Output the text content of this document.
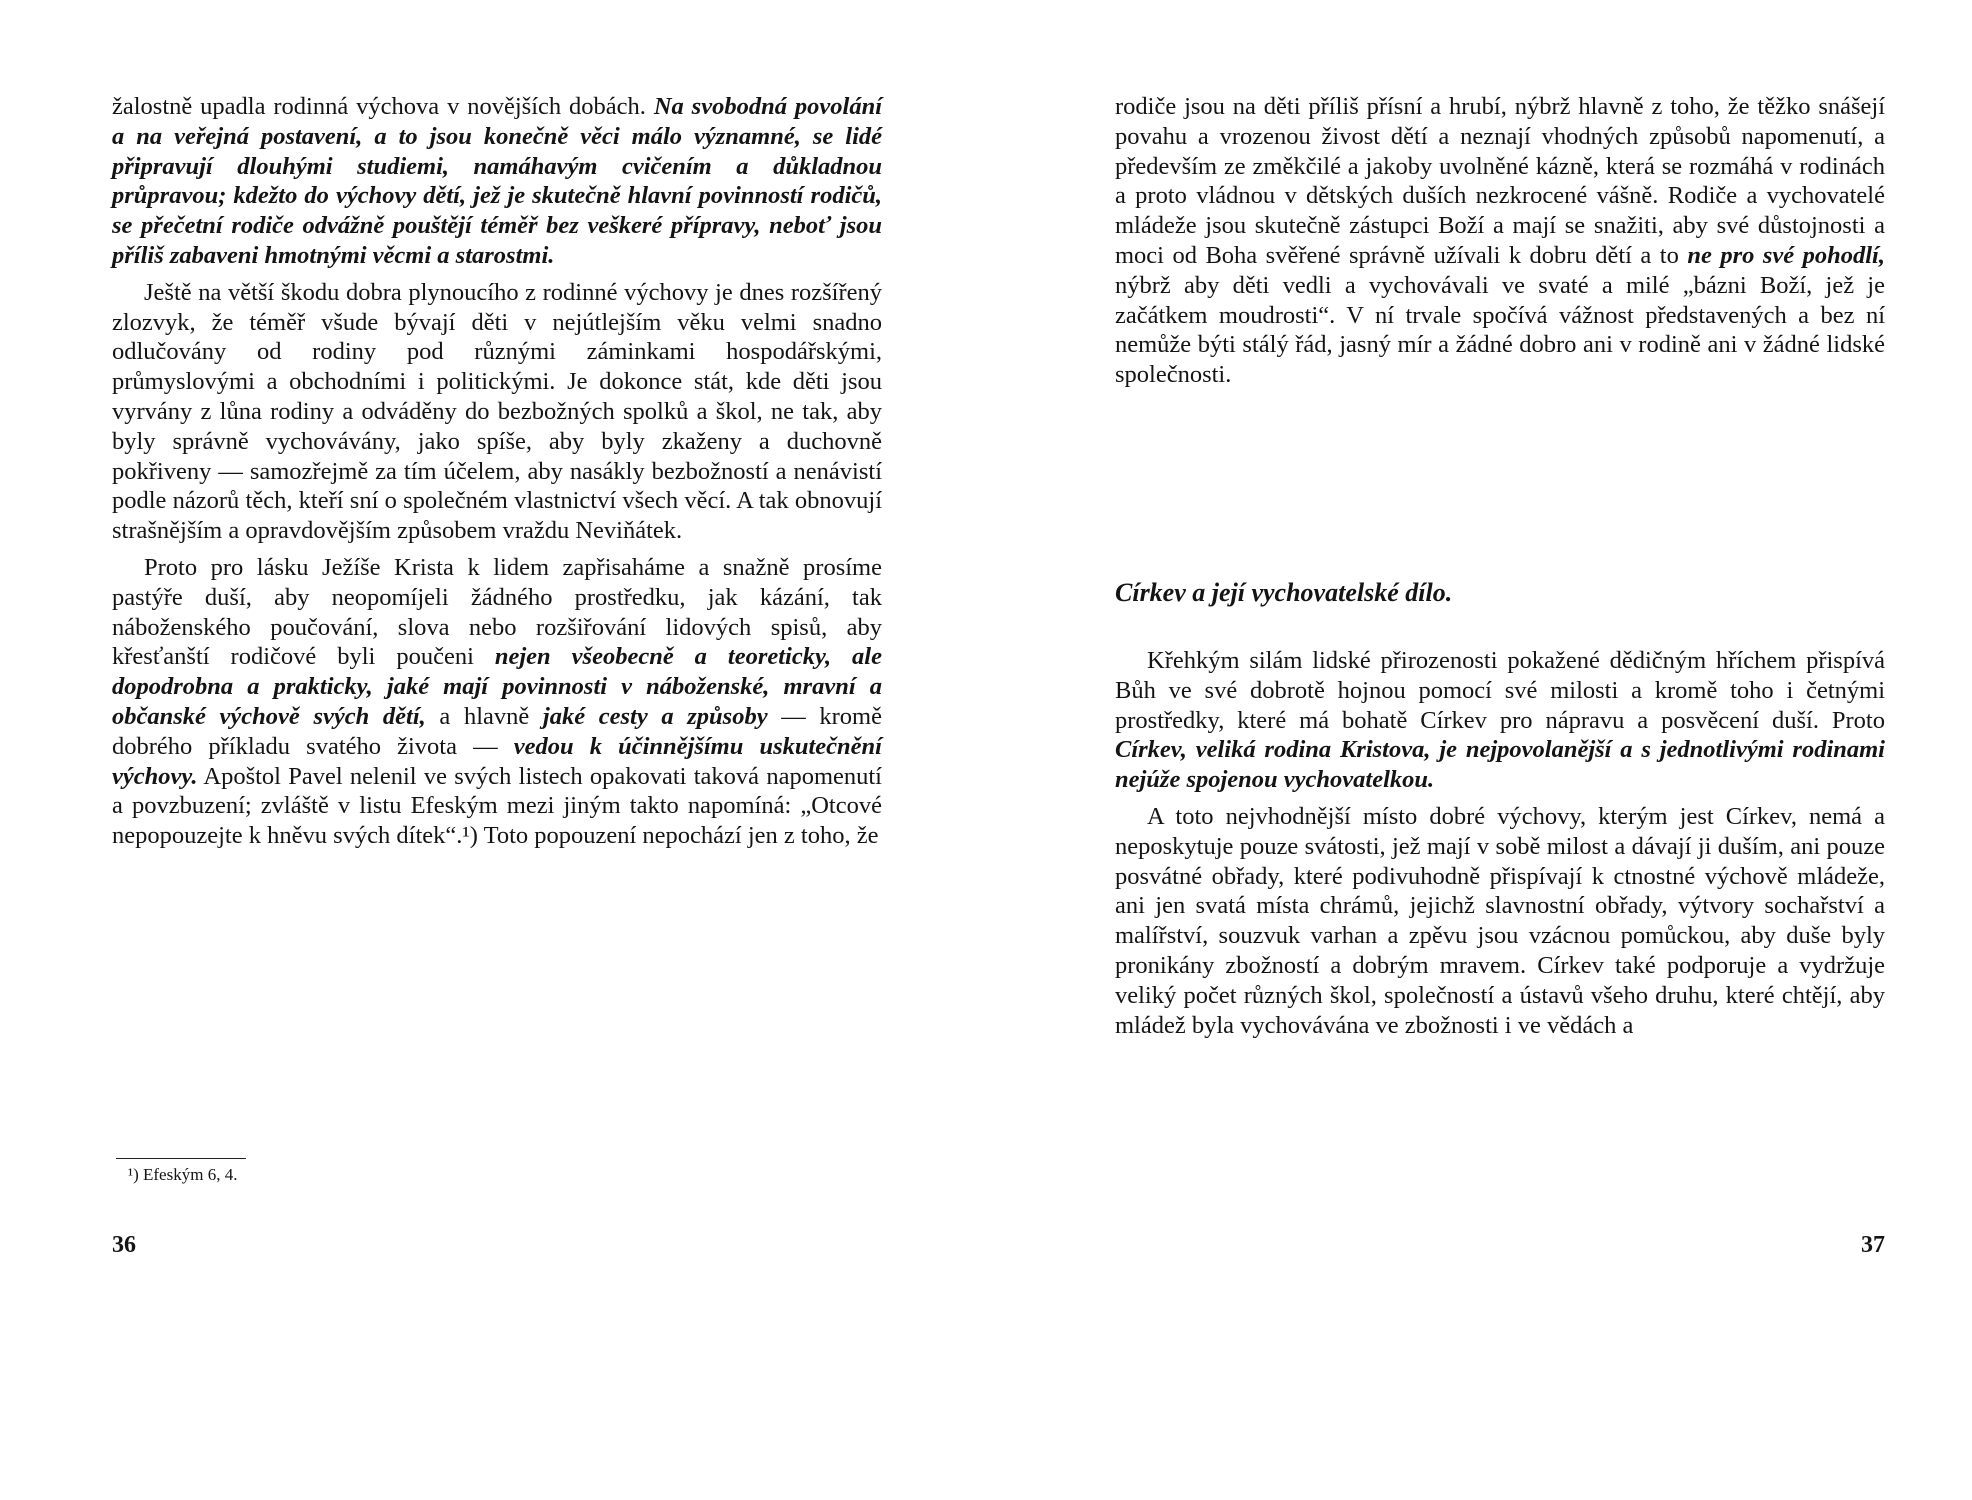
žalostně upadla rodinná výchova v novějších dobách. Na svobodná povolání a na veřejná postavení, a to jsou konečně věci málo významné, se lidé připravují dlouhými studiemi, namáhavým cvičením a důkladnou průpravou; kdežto do výchovy dětí, jež je skutečně hlavní povinností rodičů, se přečetní rodiče odvážně pouštějí téměř bez veškeré přípravy, neboť jsou příliš zabaveni hmotnými věcmi a starostmi.

Ještě na větší škodu dobra plynoucího z rodinné výchovy je dnes rozšířený zlozvyk, že téměř všude bývají děti v nejútlejším věku velmi snadno odlučovány od rodiny pod různými záminkami hospodářskými, průmyslovými a obchodními i politickými. Je dokonce stát, kde děti jsou vyrvány z lůna rodiny a odváděny do bezbožných spolků a škol, ne tak, aby byly správně vychovávány, jako spíše, aby byly zkaženy a duchovně pokřiveny — samozřejmě za tím účelem, aby nasákly bezbožností a nenávistí podle názorů těch, kteří sní o společném vlastnictví všech věcí. A tak obnovují strašnějším a opravdovějším způsobem vraždu Neviňátek.

Proto pro lásku Ježíše Krista k lidem zapřisaháme a snažně prosíme pastýře duší, aby neopomíjeli žádného prostředku, jak kázání, tak náboženského poučování, slova nebo rozšiřování lidových spisů, aby křesťanští rodičové byli poučeni nejen všeobecně a teoreticky, ale dopodrobna a prakticky, jaké mají povinnosti v náboženské, mravní a občanské výchově svých dětí, a hlavně jaké cesty a způsoby — kromě dobrého příkladu svatého života — vedou k účinnějšímu uskutečnění výchovy. Apoštol Pavel nelenil ve svých listech opakovati taková napomenutí a povzbuzení; zvláště v listu Efeským mezi jiným takto napomíná: „Otcové nepopouzejte k hněvu svých dítek“.¹) Toto popouzení nepochází jen z toho, že

¹) Efeským 6, 4.

36

rodiče jsou na děti příliš přísní a hrubí, nýbrž hlavně z toho, že těžko snášejí povahu a vrozenou živost dětí a neznají vhodných způsobů napomenutí, a především ze změkčilé a jakoby uvolněné kázně, která se rozmáhá v rodinách a proto vládnou v dětských duších nezkrocené vášně. Rodiče a vychovatelé mládeže jsou skutečně zástupci Boží a mají se snažiti, aby své důstojnosti a moci od Boha svěřené správně užívali k dobru dětí a to ne pro své pohodlí, nýbrž aby děti vedli a vychovávali ve svaté a milé „bázni Boží, jež je začátkem moudrosti“. V ní trvale spočívá vážnost představených a bez ní nemůže býti stálý řád, jasný mír a žádné dobro ani v rodině ani v žádné lidské společnosti.

Církev a její vychovatelské dílo.

Křehkým silám lidské přirozenosti pokažené dědičným hříchem přispívá Bůh ve své dobrotě hojnou pomocí své milosti a kromě toho i četnými prostředky, které má bohatě Církev pro nápravu a posvěcení duší. Proto Církev, veliká rodina Kristova, je nejpovolanější a s jednotlivými rodinami nejúže spojenou vychovatelkou.

A toto nejvhodnější místo dobré výchovy, kterým jest Církev, nemá a neposkytuje pouze svátosti, jež mají v sobě milost a dávají ji duším, ani pouze posvátné obřady, které podivuhodně přispívají k ctnostné výchově mládeže, ani jen svatá místa chrámů, jejichž slavnostní obřady, výtvory sochařství a malířství, souzvuk varhan a zpěvu jsou vzácnou pomůckou, aby duše byly pronikány zbožností a dobrým mravem. Církev také podporuje a vydržuje veliký počet různých škol, společností a ústavů všeho druhu, které chtějí, aby mládež byla vychovávána ve zbožnosti i ve vědách a

37
